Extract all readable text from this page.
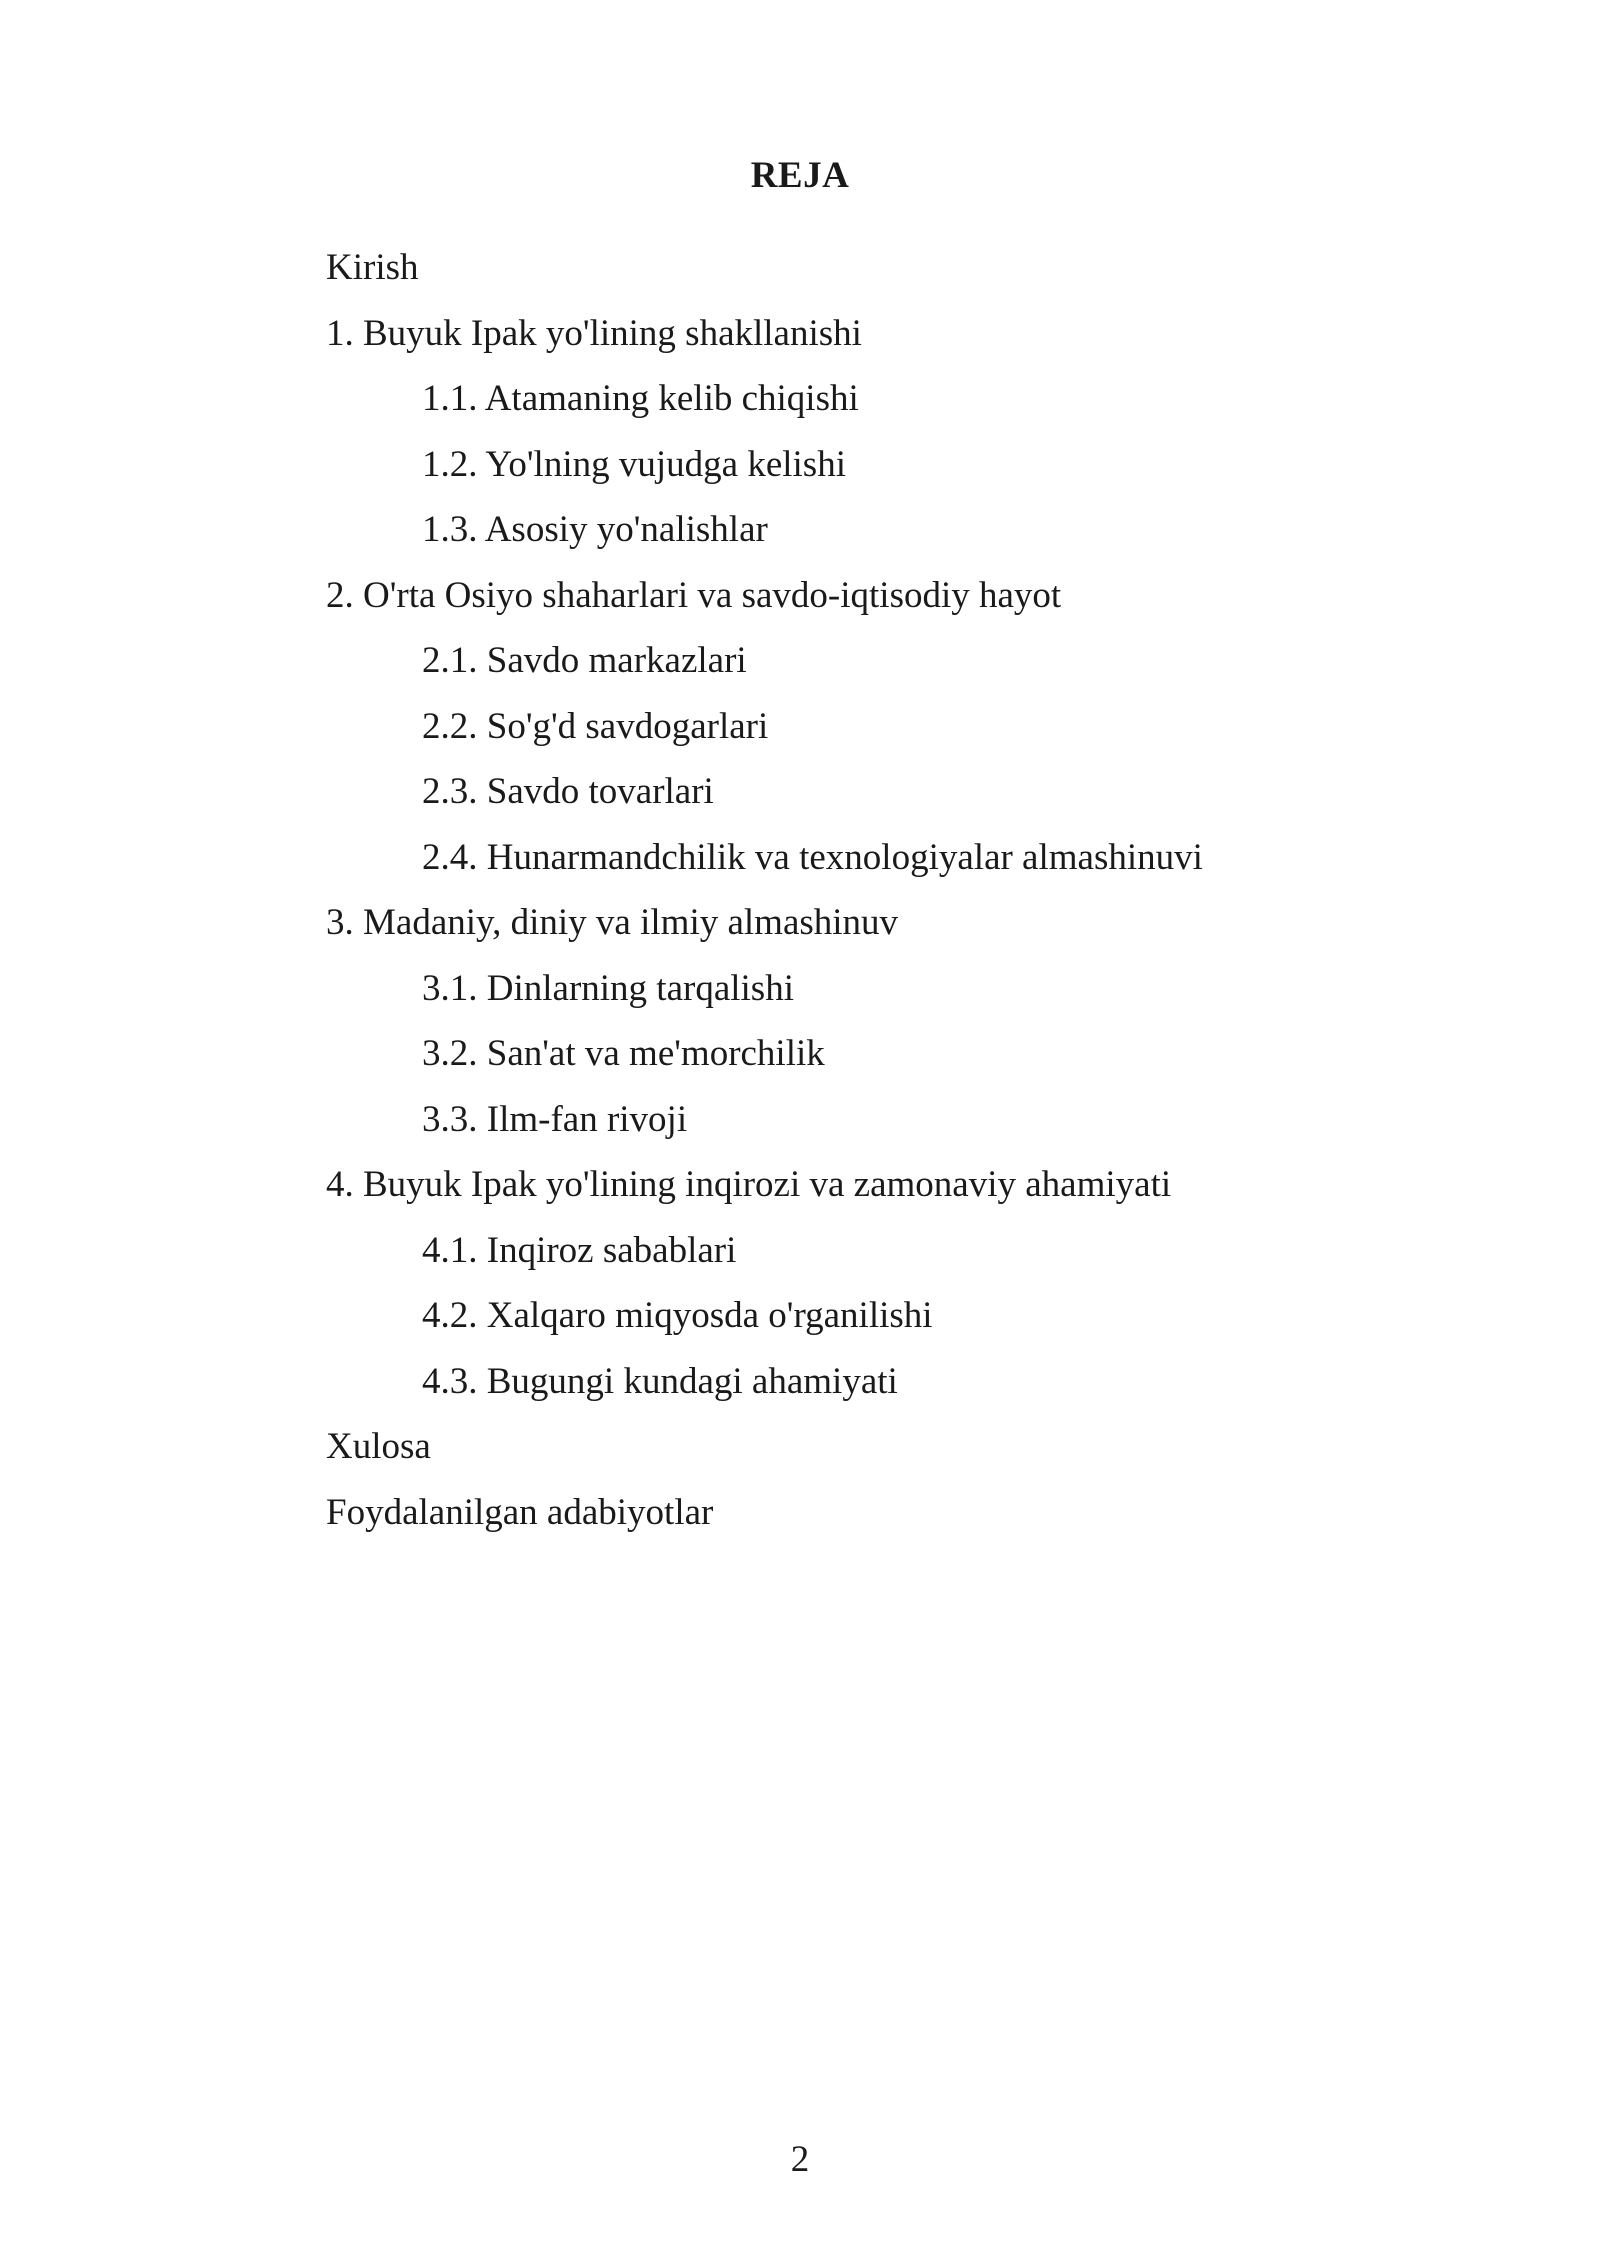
REJA
Kirish
1. Buyuk Ipak yo'lining shakllanishi
1.1. Atamaning kelib chiqishi
1.2. Yo'lning vujudga kelishi
1.3. Asosiy yo'nalishlar
2. O'rta Osiyo shaharlari va savdo-iqtisodiy hayot
2.1. Savdo markazlari
2.2. So'g'd savdogarlari
2.3. Savdo tovarlari
2.4. Hunarmandchilik va texnologiyalar almashinuvi
3. Madaniy, diniy va ilmiy almashinuv
3.1. Dinlarning tarqalishi
3.2. San'at va me'morchilik
3.3. Ilm-fan rivoji
4. Buyuk Ipak yo'lining inqirozi va zamonaviy ahamiyati
4.1. Inqiroz sabablari
4.2. Xalqaro miqyosda o'rganilishi
4.3. Bugungi kundagi ahamiyati
Xulosa
Foydalanilgan adabiyotlar
2
